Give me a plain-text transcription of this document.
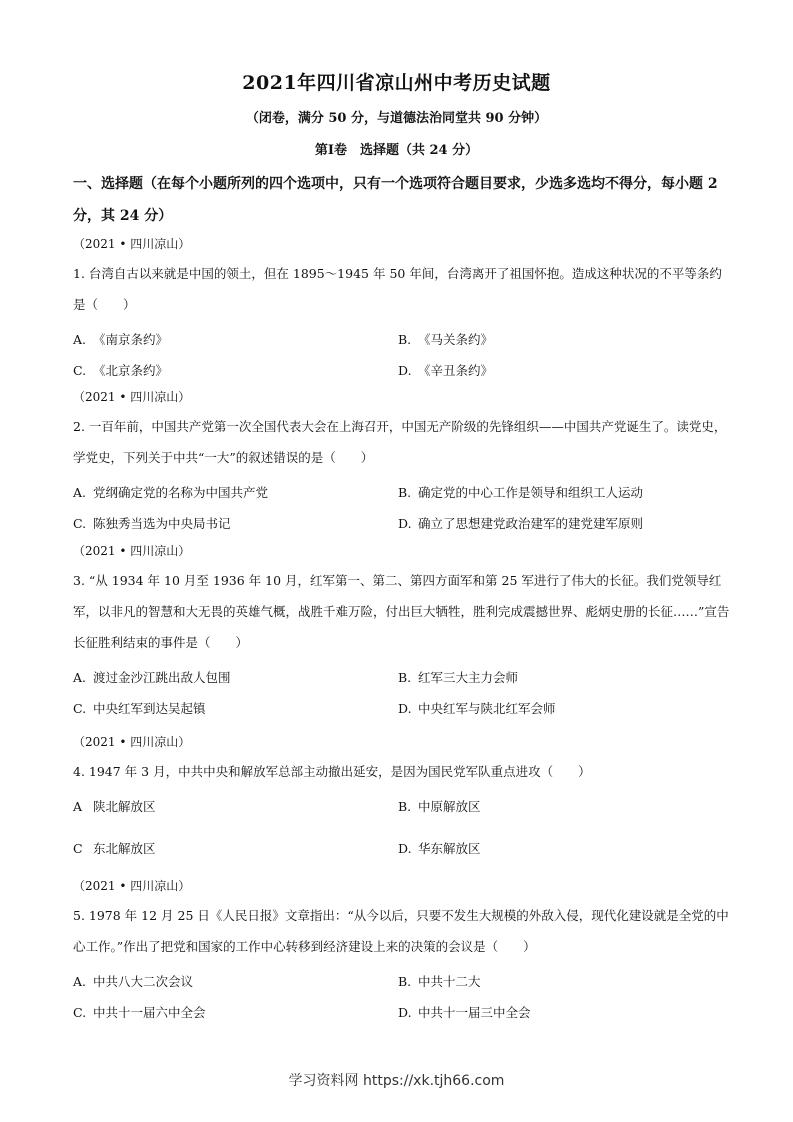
2021年四川省凉山州中考历史试题
（闭卷，满分 50 分，与道德法治同堂共 90 分钟）
第Ⅰ卷　选择题（共 24 分）
一、选择题（在每个小题所列的四个选项中，只有一个选项符合题目要求，少选多选均不得分，每小题 2 分，其 24 分）
（2021 • 四川凉山）
1. 台湾自古以来就是中国的领土，但在 1895～1945 年 50 年间，台湾离开了祖国怀抱。造成这种状况的不平等条约是（　　）
A. 《南京条约》	B. 《马关条约》
C. 《北京条约》	D. 《辛丑条约》
（2021 • 四川凉山）
2. 一百年前，中国共产党第一次全国代表大会在上海召开，中国无产阶级的先锋组织——中国共产党诞生了。读党史，学党史，下列关于中共“一大”的叙述错误的是（　　）
A. 党纲确定党的名称为中国共产党	B. 确定党的中心工作是领导和组织工人运动
C. 陈独秀当选为中央局书记	D. 确立了思想建党政治建军的建党建军原则
（2021 • 四川凉山）
3. “从 1934 年 10 月至 1936 年 10 月，红军第一、第二、第四方面军和第 25 军进行了伟大的长征。我们党领导红军，以非凡的智慧和大无畏的英雄气概，战胜千难万险，付出巨大牺牲，胜利完成震撼世界、彪炳史册的长征……”宣告长征胜利结束的事件是（　　）
A. 渡过金沙江跳出敌人包围	B. 红军三大主力会师
C. 中央红军到达吴起镇	D. 中央红军与陕北红军会师
（2021 • 四川凉山）
4. 1947 年 3 月，中共中央和解放军总部主动撤出延安，是因为国民党军队重点进攻（　　）
A 陕北解放区	B. 中原解放区
C 东北解放区	D. 华东解放区
（2021 • 四川凉山）
5. 1978 年 12 月 25 日《人民日报》文章指出：“从今以后，只要不发生大规模的外敌入侵，现代化建设就是全党的中心工作。”作出了把党和国家的工作中心转移到经济建设上来的决策的会议是（　　）
A. 中共八大二次会议	B. 中共十二大
C. 中共十一届六中全会	D. 中共十一届三中全会
学习资料网 https://xk.tjh66.com
